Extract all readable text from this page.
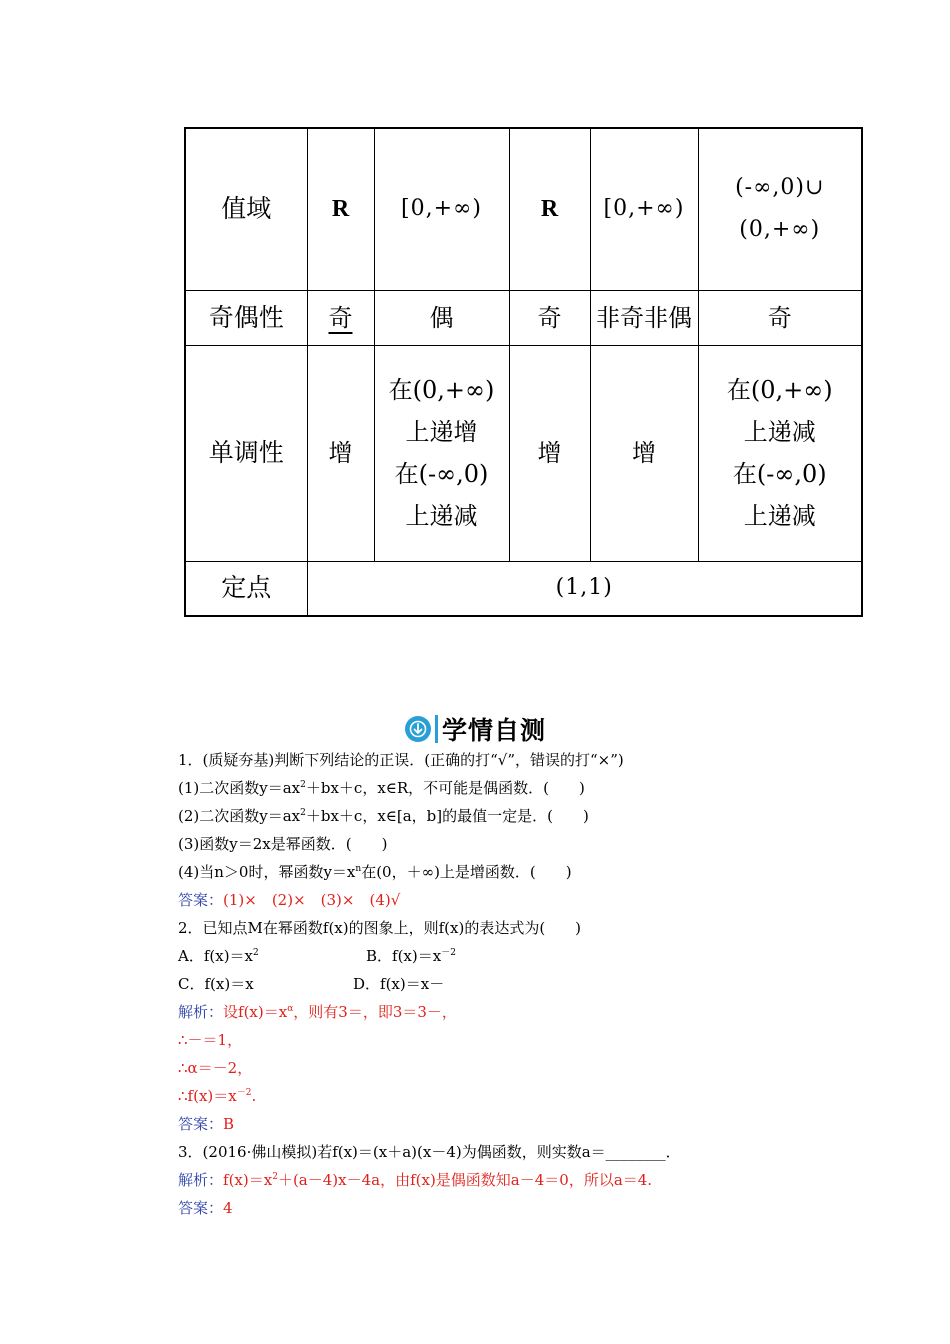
值域	R	[0,+∞)	R	[0,+∞)	(-∞,0)∪
(0,+∞)

奇偶性	奇	偶	奇	非奇非偶	奇

单调性	增	在(0,+∞)
上递增
在(-∞,0)
上递减	增	增	在(0,+∞)
上递减
在(-∞,0)
上递减

定点	(1,1)				
学情自测
1．(质疑夯基)判断下列结论的正误．(正确的打“√”，错误的打“×”)
(1)二次函数$y=ax^2+bx+c$，x∈R，不可能是偶函数．(　　)
(2)二次函数$y=ax^2+bx+c$，x∈[a，b]的最值一定是．(　　)
(3)函数y＝2x是幂函数．(　　)
(4)当n＞0时，幂函数$y=x^n$在(0，＋∞)上是增函数．(　　)
答案：(1)×　(2)×　(3)×　(4)√
2．已知点M在幂函数f(x)的图象上，则f(x)的表达式为(　　)
A．$f(x)=x^2$	B．$f(x)=x^{-2}$
C．f(x)＝x	D．f(x)＝x－
解析：设$f(x)=x^\alpha$，则有3＝，即3＝3－，
∴－＝1，
∴α＝－2，
$\therefore f(x)=x^{-2}$.
答案：B
3．(2016·佛山模拟)若f(x)＝(x＋a)(x－4)为偶函数，则实数a＝________．
解析：$f(x)=x^2+(a-4)x-4a$，由f(x)是偶函数知a－4＝0，所以a＝4.
答案：4
